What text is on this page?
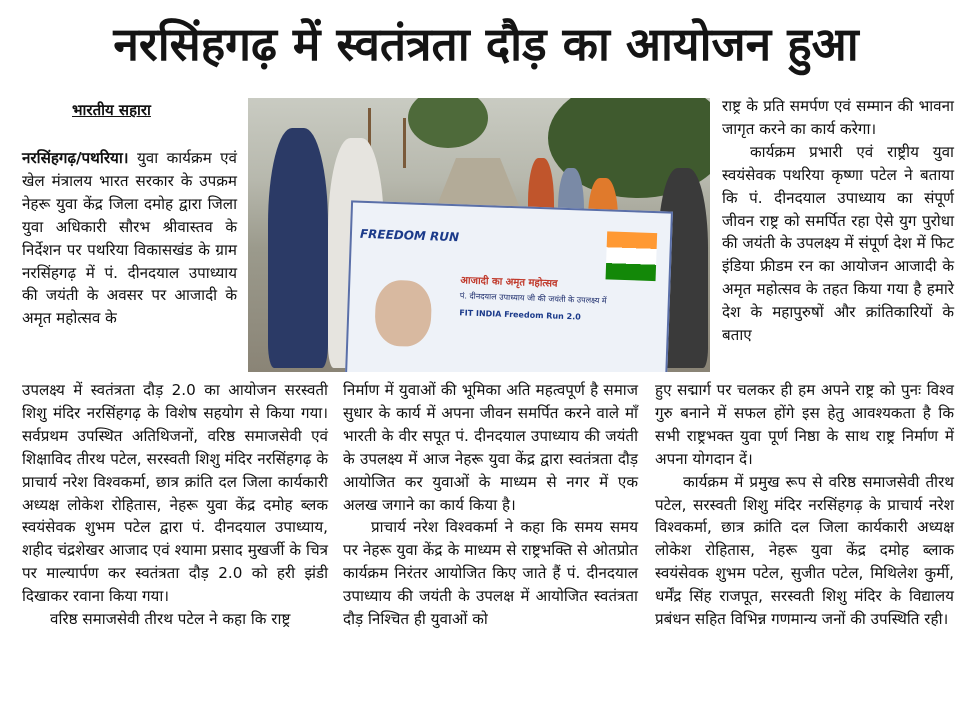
नरसिंहगढ़ में स्वतंत्रता दौड़ का आयोजन हुआ
भारतीय सहारा

नरसिंहगढ़/पथरिया। युवा कार्यक्रम एवं खेल मंत्रालय भारत सरकार के उपक्रम नेहरू युवा केंद्र जिला दमोह द्वारा जिला युवा अधिकारी सौरभ श्रीवास्तव के निर्देशन पर पथरिया विकासखंड के ग्राम नरसिंहगढ़ में पं. दीनदयाल उपाध्याय की जयंती के अवसर पर आजादी के अमृत महोत्सव के

FREEDOM RUN
आजादी का अमृत महोत्सव
पं. दीनदयाल उपाध्याय जी की जयंती के उपलक्ष्य में
FIT INDIA Freedom Run 2.0

राष्ट्र के प्रति समर्पण एवं सम्मान की भावना जागृत करने का कार्य करेगा।

कार्यक्रम प्रभारी एवं राष्ट्रीय युवा स्वयंसेवक पथरिया कृष्णा पटेल ने बताया कि पं. दीनदयाल उपाध्याय का संपूर्ण जीवन राष्ट्र को समर्पित रहा ऐसे युग पुरोधा की जयंती के उपलक्ष्य में संपूर्ण देश में फिट इंडिया फ्रीडम रन का आयोजन आजादी के अमृत महोत्सव के तहत किया गया है हमारे देश के महापुरुषों और क्रांतिकारियों के बताए

उपलक्ष्य में स्वतंत्रता दौड़ 2.0 का आयोजन सरस्वती शिशु मंदिर नरसिंहगढ़ के विशेष सहयोग से किया गया। सर्वप्रथम उपस्थित अतिथिजनों, वरिष्ठ समाजसेवी एवं शिक्षाविद तीरथ पटेल, सरस्वती शिशु मंदिर नरसिंहगढ़ के प्राचार्य नरेश विश्वकर्मा, छात्र क्रांति दल जिला कार्यकारी अध्यक्ष लोकेश रोहितास, नेहरू युवा केंद्र दमोह ब्लक स्वयंसेवक शुभम पटेल द्वारा पं. दीनदयाल उपाध्याय, शहीद चंद्रशेखर आजाद एवं श्यामा प्रसाद मुखर्जी के चित्र पर माल्यार्पण कर स्वतंत्रता दौड़ 2.0 को हरी झंडी दिखाकर रवाना किया गया।

वरिष्ठ समाजसेवी तीरथ पटेल ने कहा कि राष्ट्र

निर्माण में युवाओं की भूमिका अति महत्वपूर्ण है समाज सुधार के कार्य में अपना जीवन समर्पित करने वाले माँ भारती के वीर सपूत पं. दीनदयाल उपाध्याय की जयंती के उपलक्ष्य में आज नेहरू युवा केंद्र द्वारा स्वतंत्रता दौड़ आयोजित कर युवाओं के माध्यम से नगर में एक अलख जगाने का कार्य किया है।

प्राचार्य नरेश विश्वकर्मा ने कहा कि समय समय पर नेहरू युवा केंद्र के माध्यम से राष्ट्रभक्ति से ओतप्रोत कार्यक्रम निरंतर आयोजित किए जाते हैं पं. दीनदयाल उपाध्याय की जयंती के उपलक्ष में आयोजित स्वतंत्रता दौड़ निश्चित ही युवाओं को

हुए सद्मार्ग पर चलकर ही हम अपने राष्ट्र को पुनः विश्व गुरु बनाने में सफल होंगे इस हेतु आवश्यकता है कि सभी राष्ट्रभक्त युवा पूर्ण निष्ठा के साथ राष्ट्र निर्माण में अपना योगदान दें।

कार्यक्रम में प्रमुख रूप से वरिष्ठ समाजसेवी तीरथ पटेल, सरस्वती शिशु मंदिर नरसिंहगढ़ के प्राचार्य नरेश विश्वकर्मा, छात्र क्रांति दल जिला कार्यकारी अध्यक्ष लोकेश रोहितास, नेहरू युवा केंद्र दमोह ब्लाक स्वयंसेवक शुभम पटेल, सुजीत पटेल, मिथिलेश कुर्मी, धर्मेंद्र सिंह राजपूत, सरस्वती शिशु मंदिर के विद्यालय प्रबंधन सहित विभिन्न गणमान्य जनों की उपस्थिति रही।
